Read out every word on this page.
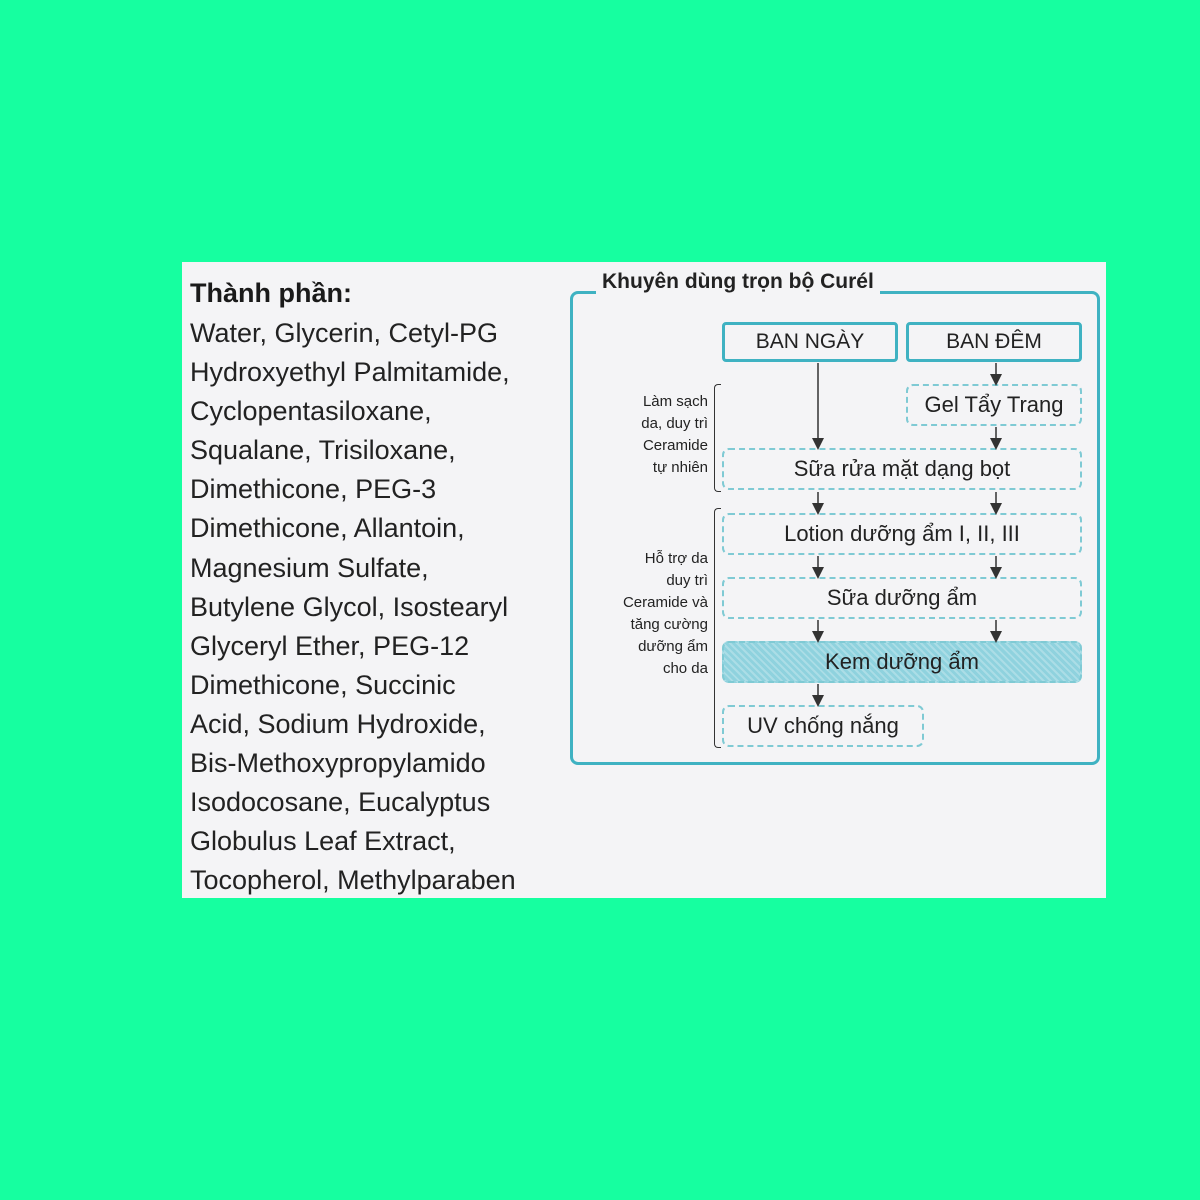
Thành phần:
Water, Glycerin, Cetyl-PG
Hydroxyethyl Palmitamide,
Cyclopentasiloxane,
Squalane, Trisiloxane,
Dimethicone, PEG-3
Dimethicone, Allantoin,
Magnesium Sulfate,
Butylene Glycol, Isostearyl
Glyceryl Ether, PEG-12
Dimethicone, Succinic
Acid, Sodium Hydroxide,
Bis-Methoxypropylamido
Isodocosane, Eucalyptus
Globulus Leaf Extract,
Tocopherol, Methylparaben
Khuyên dùng trọn bộ Curél
BAN NGÀY	BAN ĐÊM
Gel Tẩy Trang
Sữa rửa mặt dạng bọt
Lotion dưỡng ẩm I, II, III
Sữa dưỡng ẩm
Kem dưỡng ẩm
UV chống nắng
Làm sạch
da, duy trì
Ceramide
tự nhiên
Hỗ trợ da
duy trì
Ceramide và
tăng cường
dưỡng ẩm
cho da
